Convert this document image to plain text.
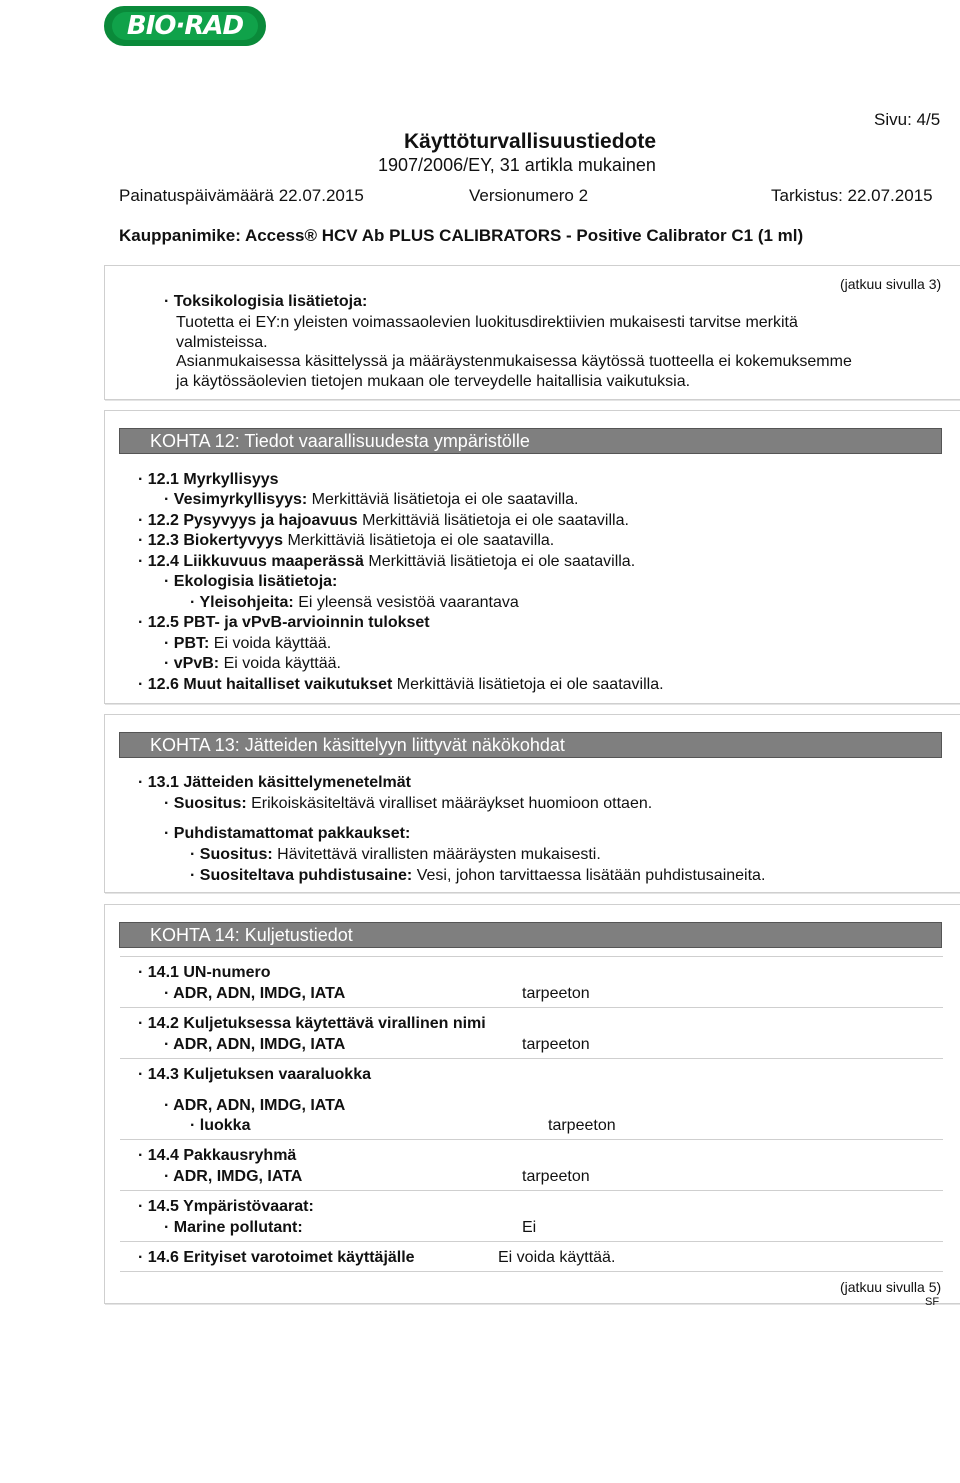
BIO·RAD
Sivu: 4/5
Käyttöturvallisuustiedote
1907/2006/EY, 31 artikla mukainen
Painatuspäivämäärä 22.07.2015	Versionumero 2	Tarkistus: 22.07.2015
Kauppanimike: Access® HCV Ab PLUS CALIBRATORS - Positive Calibrator C1 (1 ml)
(jatkuu sivulla 3)
· Toksikologisia lisätietoja:
Tuotetta ei EY:n yleisten voimassaolevien luokitusdirektiivien mukaisesti tarvitse merkitä
valmisteissa.
Asianmukaisessa käsittelyssä ja määräystenmukaisessa käytössä tuotteella ei kokemuksemme
ja käytössäolevien tietojen mukaan ole terveydelle haitallisia vaikutuksia.
KOHTA 12: Tiedot vaarallisuudesta ympäristölle
· 12.1 Myrkyllisyys
· Vesimyrkyllisyys: Merkittäviä lisätietoja ei ole saatavilla.
· 12.2 Pysyvyys ja hajoavuus Merkittäviä lisätietoja ei ole saatavilla.
· 12.3 Biokertyvyys Merkittäviä lisätietoja ei ole saatavilla.
· 12.4 Liikkuvuus maaperässä Merkittäviä lisätietoja ei ole saatavilla.
· Ekologisia lisätietoja:
· Yleisohjeita: Ei yleensä vesistöä vaarantava
· 12.5 PBT- ja vPvB-arvioinnin tulokset
· PBT: Ei voida käyttää.
· vPvB: Ei voida käyttää.
· 12.6 Muut haitalliset vaikutukset Merkittäviä lisätietoja ei ole saatavilla.
KOHTA 13: Jätteiden käsittelyyn liittyvät näkökohdat
· 13.1 Jätteiden käsittelymenetelmät
· Suositus: Erikoiskäsiteltävä viralliset määräykset huomioon ottaen.
· Puhdistamattomat pakkaukset:
· Suositus: Hävitettävä virallisten määräysten mukaisesti.
· Suositeltava puhdistusaine: Vesi, johon tarvittaessa lisätään puhdistusaineita.
KOHTA 14: Kuljetustiedot
· 14.1 UN-numero
· ADR, ADN, IMDG, IATA	tarpeeton
· 14.2 Kuljetuksessa käytettävä virallinen nimi
· ADR, ADN, IMDG, IATA	tarpeeton
· 14.3 Kuljetuksen vaaraluokka
· ADR, ADN, IMDG, IATA
· luokka	tarpeeton
· 14.4 Pakkausryhmä
· ADR, IMDG, IATA	tarpeeton
· 14.5 Ympäristövaarat:
· Marine pollutant:	Ei
· 14.6 Erityiset varotoimet käyttäjälle	Ei voida käyttää.
(jatkuu sivulla 5)
SF
